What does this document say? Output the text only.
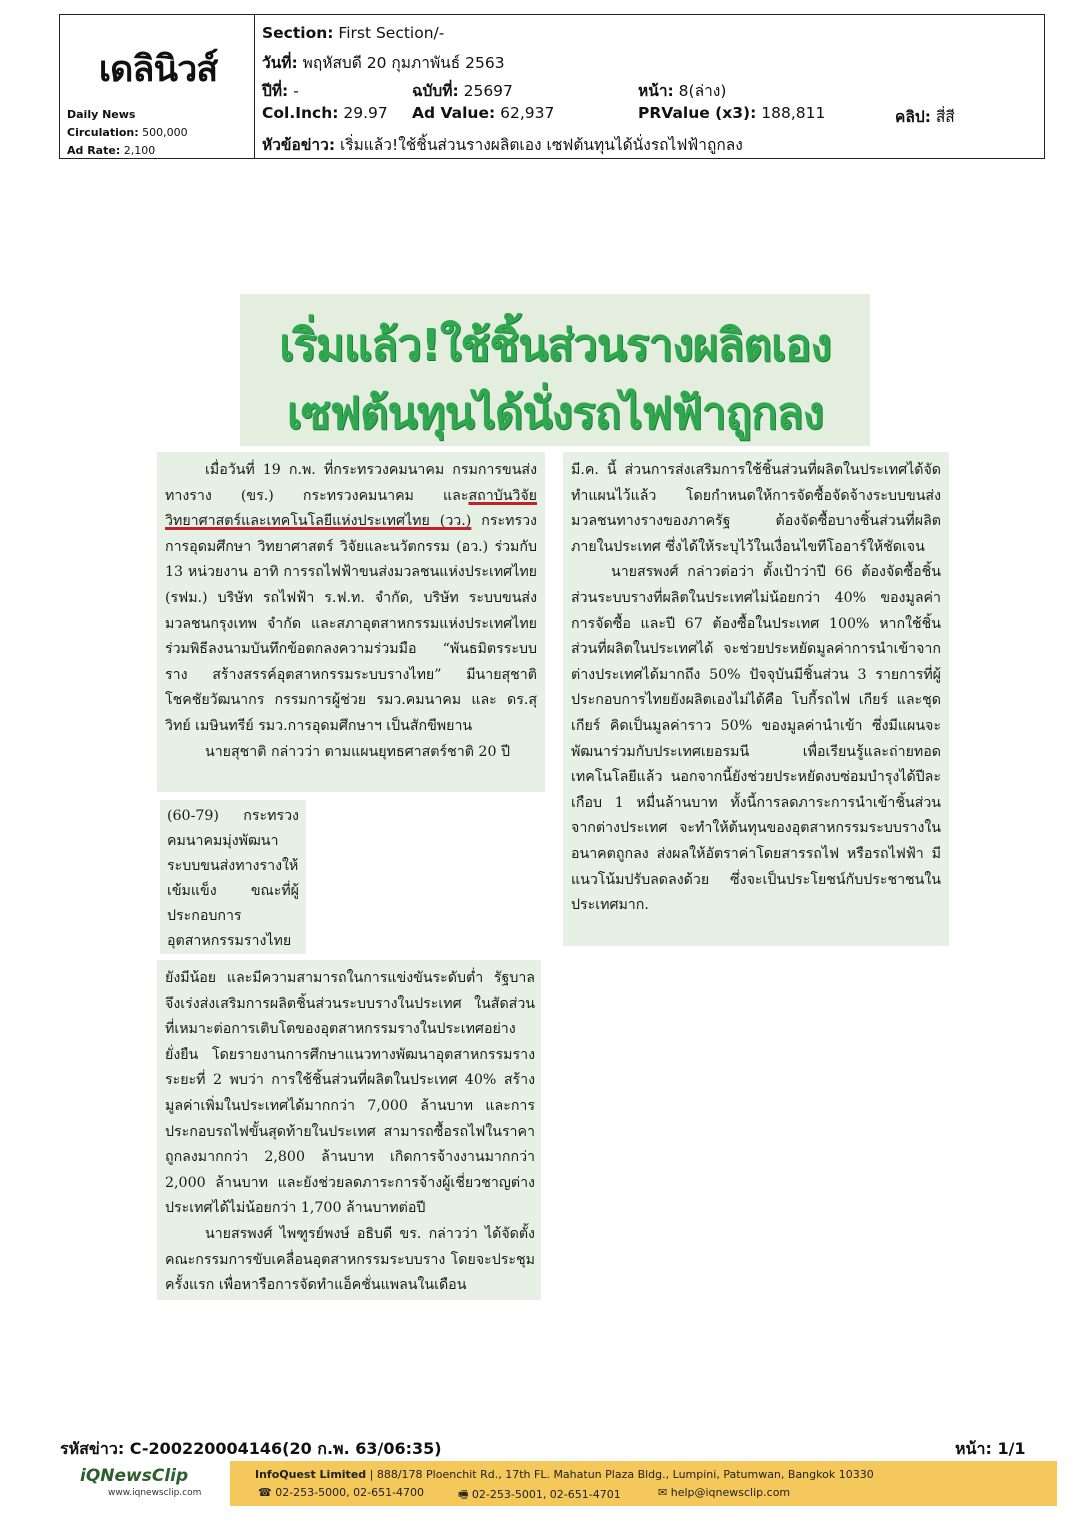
เดลินิวส์
Daily News
Circulation: 500,000
Ad Rate: 2,100
Section: First Section/-
วันที่: พฤหัสบดี 20 กุมภาพันธ์ 2563
ปีที่: -	ฉบับที่: 25697	หน้า: 8(ล่าง)
Col.Inch: 29.97 Ad Value: 62,937	PRValue (x3): 188,811	คลิป: สี่สี
หัวข้อข่าว: เริ่มแล้ว!ใช้ชิ้นส่วนรางผลิตเอง เซฟต้นทุนได้นั่งรถไฟฟ้าถูกลง
เริ่มแล้ว!ใช้ชิ้นส่วนรางผลิตเอง
เซฟต้นทุนได้นั่งรถไฟฟ้าถูกลง

เมื่อวันที่ 19 ก.พ. ที่กระทรวงคมนาคม กรมการขนส่งทางราง (ขร.) กระทรวงคมนาคม และสถาบันวิจัยวิทยาศาสตร์และเทคโนโลยีแห่งประเทศไทย (วว.) กระทรวงการอุดมศึกษา วิทยาศาสตร์ วิจัยและนวัตกรรม (อว.) ร่วมกับ 13 หน่วยงาน อาทิ การรถไฟฟ้าขนส่งมวลชนแห่งประเทศไทย (รฟม.) บริษัท รถไฟฟ้า ร.ฟ.ท. จำกัด, บริษัท ระบบขนส่งมวลชนกรุงเทพ จำกัด และสภาอุตสาหกรรมแห่งประเทศไทย ร่วมพิธีลงนามบันทึกข้อตกลงความร่วมมือ “พันธมิตรระบบราง สร้างสรรค์อุตสาหกรรมระบบรางไทย” มีนายสุชาติ โชคชัยวัฒนากร กรรมการผู้ช่วย รมว.คมนาคม และ ดร.สุวิทย์ เมษินทรีย์ รมว.การอุดมศึกษาฯ เป็นสักขีพยาน

นายสุชาติ กล่าวว่า ตามแผนยุทธศาสตร์ชาติ 20 ปี

(60-79) กระทรวงคมนาคมมุ่งพัฒนาระบบขนส่งทางรางให้เข้มแข็ง ขณะที่ผู้ประกอบการอุตสาหกรรมรางไทย

ยังมีน้อย และมีความสามารถในการแข่งขันระดับต่ำ รัฐบาลจึงเร่งส่งเสริมการผลิตชิ้นส่วนระบบรางในประเทศ ในสัดส่วนที่เหมาะต่อการเติบโตของอุตสาหกรรมรางในประเทศอย่างยั่งยืน โดยรายงานการศึกษาแนวทางพัฒนาอุตสาหกรรมรางระยะที่ 2 พบว่า การใช้ชิ้นส่วนที่ผลิตในประเทศ 40% สร้างมูลค่าเพิ่มในประเทศได้มากกว่า 7,000 ล้านบาท และการประกอบรถไฟขั้นสุดท้ายในประเทศ สามารถซื้อรถไฟในราคาถูกลงมากกว่า 2,800 ล้านบาท เกิดการจ้างงานมากกว่า 2,000 ล้านบาท และยังช่วยลดภาระการจ้างผู้เชี่ยวชาญต่างประเทศได้ไม่น้อยกว่า 1,700 ล้านบาทต่อปี

นายสรพงศ์ ไพฑูรย์พงษ์ อธิบดี ขร. กล่าวว่า ได้จัดตั้งคณะกรรมการขับเคลื่อนอุตสาหกรรมระบบราง โดยจะประชุมครั้งแรก เพื่อหารือการจัดทำแอ็คชั่นแพลนในเดือน

มี.ค. นี้ ส่วนการส่งเสริมการใช้ชิ้นส่วนที่ผลิตในประเทศได้จัดทำแผนไว้แล้ว โดยกำหนดให้การจัดซื้อจัดจ้างระบบขนส่งมวลชนทางรางของภาครัฐ ต้องจัดซื้อบางชิ้นส่วนที่ผลิตภายในประเทศ ซึ่งได้ให้ระบุไว้ในเงื่อนไขทีโออาร์ให้ชัดเจน

นายสรพงศ์ กล่าวต่อว่า ตั้งเป้าว่าปี 66 ต้องจัดซื้อชิ้นส่วนระบบรางที่ผลิตในประเทศไม่น้อยกว่า 40% ของมูลค่าการจัดซื้อ และปี 67 ต้องซื้อในประเทศ 100% หากใช้ชิ้นส่วนที่ผลิตในประเทศได้ จะช่วยประหยัดมูลค่าการนำเข้าจากต่างประเทศได้มากถึง 50% ปัจจุบันมีชิ้นส่วน 3 รายการที่ผู้ประกอบการไทยยังผลิตเองไม่ได้คือ โบกี้รถไฟ เกียร์ และชุดเกียร์ คิดเป็นมูลค่าราว 50% ของมูลค่านำเข้า ซึ่งมีแผนจะพัฒนาร่วมกับประเทศเยอรมนี เพื่อเรียนรู้และถ่ายทอดเทคโนโลยีแล้ว นอกจากนี้ยังช่วยประหยัดงบซ่อมบำรุงได้ปีละเกือบ 1 หมื่นล้านบาท ทั้งนี้การลดภาระการนำเข้าชิ้นส่วนจากต่างประเทศ จะทำให้ต้นทุนของอุตสาหกรรมระบบรางในอนาคตถูกลง ส่งผลให้อัตราค่าโดยสารรถไฟ หรือรถไฟฟ้า มีแนวโน้มปรับลดลงด้วย ซึ่งจะเป็นประโยชน์กับประชาชนในประเทศมาก.

รหัสข่าว: C-200220004146(20 ก.พ. 63/06:35)	หน้า: 1/1
iQNewsClip
www.iqnewsclip.com
InfoQuest Limited | 888/178 Ploenchit Rd., 17th FL. Mahatun Plaza Bldg., Lumpini, Patumwan, Bangkok 10330
☎ 02-253-5000, 02-651-4700	🖷 02-253-5001, 02-651-4701	✉ help@iqnewsclip.com
